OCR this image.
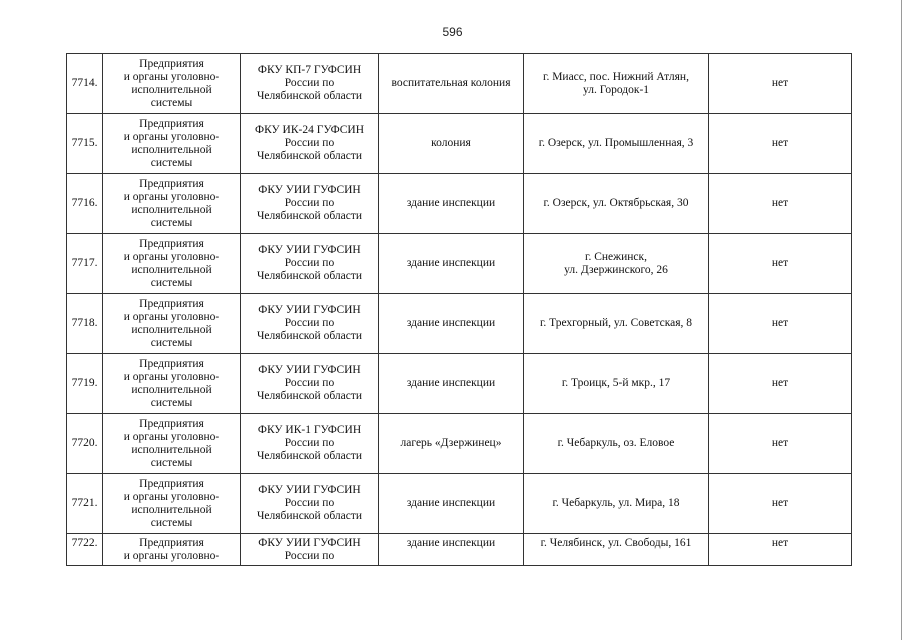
596
7714.	Предприятия
и органы уголовно-
исполнительной
системы	ФКУ КП-7 ГУФСИН
России по
Челябинской области	воспитательная колония	г. Миасс, пос. Нижний Атлян,
ул. Городок-1	нет

7715.	Предприятия
и органы уголовно-
исполнительной
системы	ФКУ ИК-24 ГУФСИН
России по
Челябинской области	колония	г. Озерск, ул. Промышленная, 3	нет

7716.	Предприятия
и органы уголовно-
исполнительной
системы	ФКУ УИИ ГУФСИН
России по
Челябинской области	здание инспекции	г. Озерск, ул. Октябрьская, 30	нет

7717.	Предприятия
и органы уголовно-
исполнительной
системы	ФКУ УИИ ГУФСИН
России по
Челябинской области	здание инспекции	г. Снежинск,
ул. Дзержинского, 26	нет

7718.	Предприятия
и органы уголовно-
исполнительной
системы	ФКУ УИИ ГУФСИН
России по
Челябинской области	здание инспекции	г. Трехгорный, ул. Советская, 8	нет

7719.	Предприятия
и органы уголовно-
исполнительной
системы	ФКУ УИИ ГУФСИН
России по
Челябинской области	здание инспекции	г. Троицк, 5-й мкр., 17	нет

7720.	Предприятия
и органы уголовно-
исполнительной
системы	ФКУ ИК-1 ГУФСИН
России по
Челябинской области	лагерь «Дзержинец»	г. Чебаркуль, оз. Еловое	нет

7721.	Предприятия
и органы уголовно-
исполнительной
системы	ФКУ УИИ ГУФСИН
России по
Челябинской области	здание инспекции	г. Чебаркуль, ул. Мира, 18	нет

7722.	Предприятия
и органы уголовно-	ФКУ УИИ ГУФСИН
России по	здание инспекции	г. Челябинск, ул. Свободы, 161	нет
